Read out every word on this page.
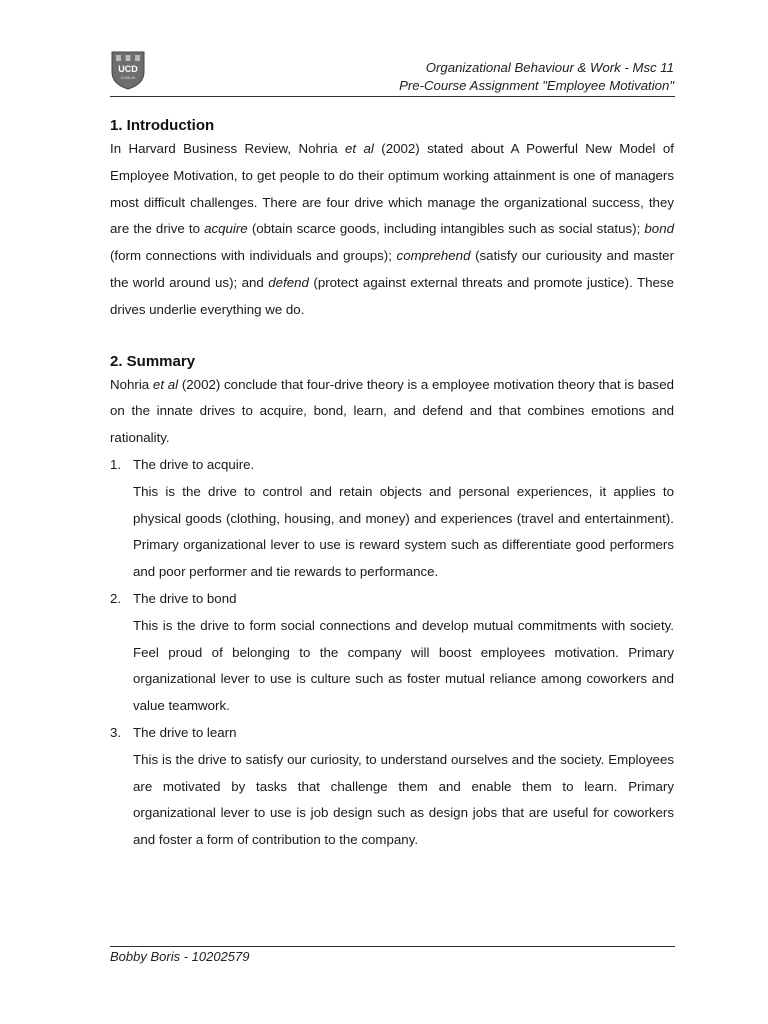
UCD
DUBLIN
Organizational Behaviour & Work - Msc 11
Pre-Course Assignment "Employee Motivation"
1. Introduction

In Harvard Business Review, Nohria et al (2002) stated about A Powerful New Model of Employee Motivation, to get people to do their optimum working attainment is one of managers most difficult challenges. There are four drive which manage the organizational success, they are the drive to acquire (obtain scarce goods, including intangibles such as social status); bond (form connections with individuals and groups); comprehend (satisfy our curiousity and master the world around us); and defend (protect against external threats and promote justice). These drives underlie everything we do.

2. Summary

Nohria et al (2002) conclude that four-drive theory is a employee motivation theory that is based on the innate drives to acquire, bond, learn, and defend and that combines emotions and rationality.

1. The drive to acquire.

This is the drive to control and retain objects and personal experiences, it applies to physical goods (clothing, housing, and money) and experiences (travel and entertainment). Primary organizational lever to use is reward system such as differentiate good performers and poor performer and tie rewards to performance.

2. The drive to bond

This is the drive to form social connections and develop mutual commitments with society. Feel proud of belonging to the company will boost employees motivation. Primary organizational lever to use is culture such as foster mutual reliance among coworkers and value teamwork.

3. The drive to learn

This is the drive to satisfy our curiosity, to understand ourselves and the society. Employees are motivated by tasks that challenge them and enable them to learn. Primary organizational lever to use is job design such as design jobs that are useful for coworkers and foster a form of contribution to the company.

Bobby Boris - 10202579
